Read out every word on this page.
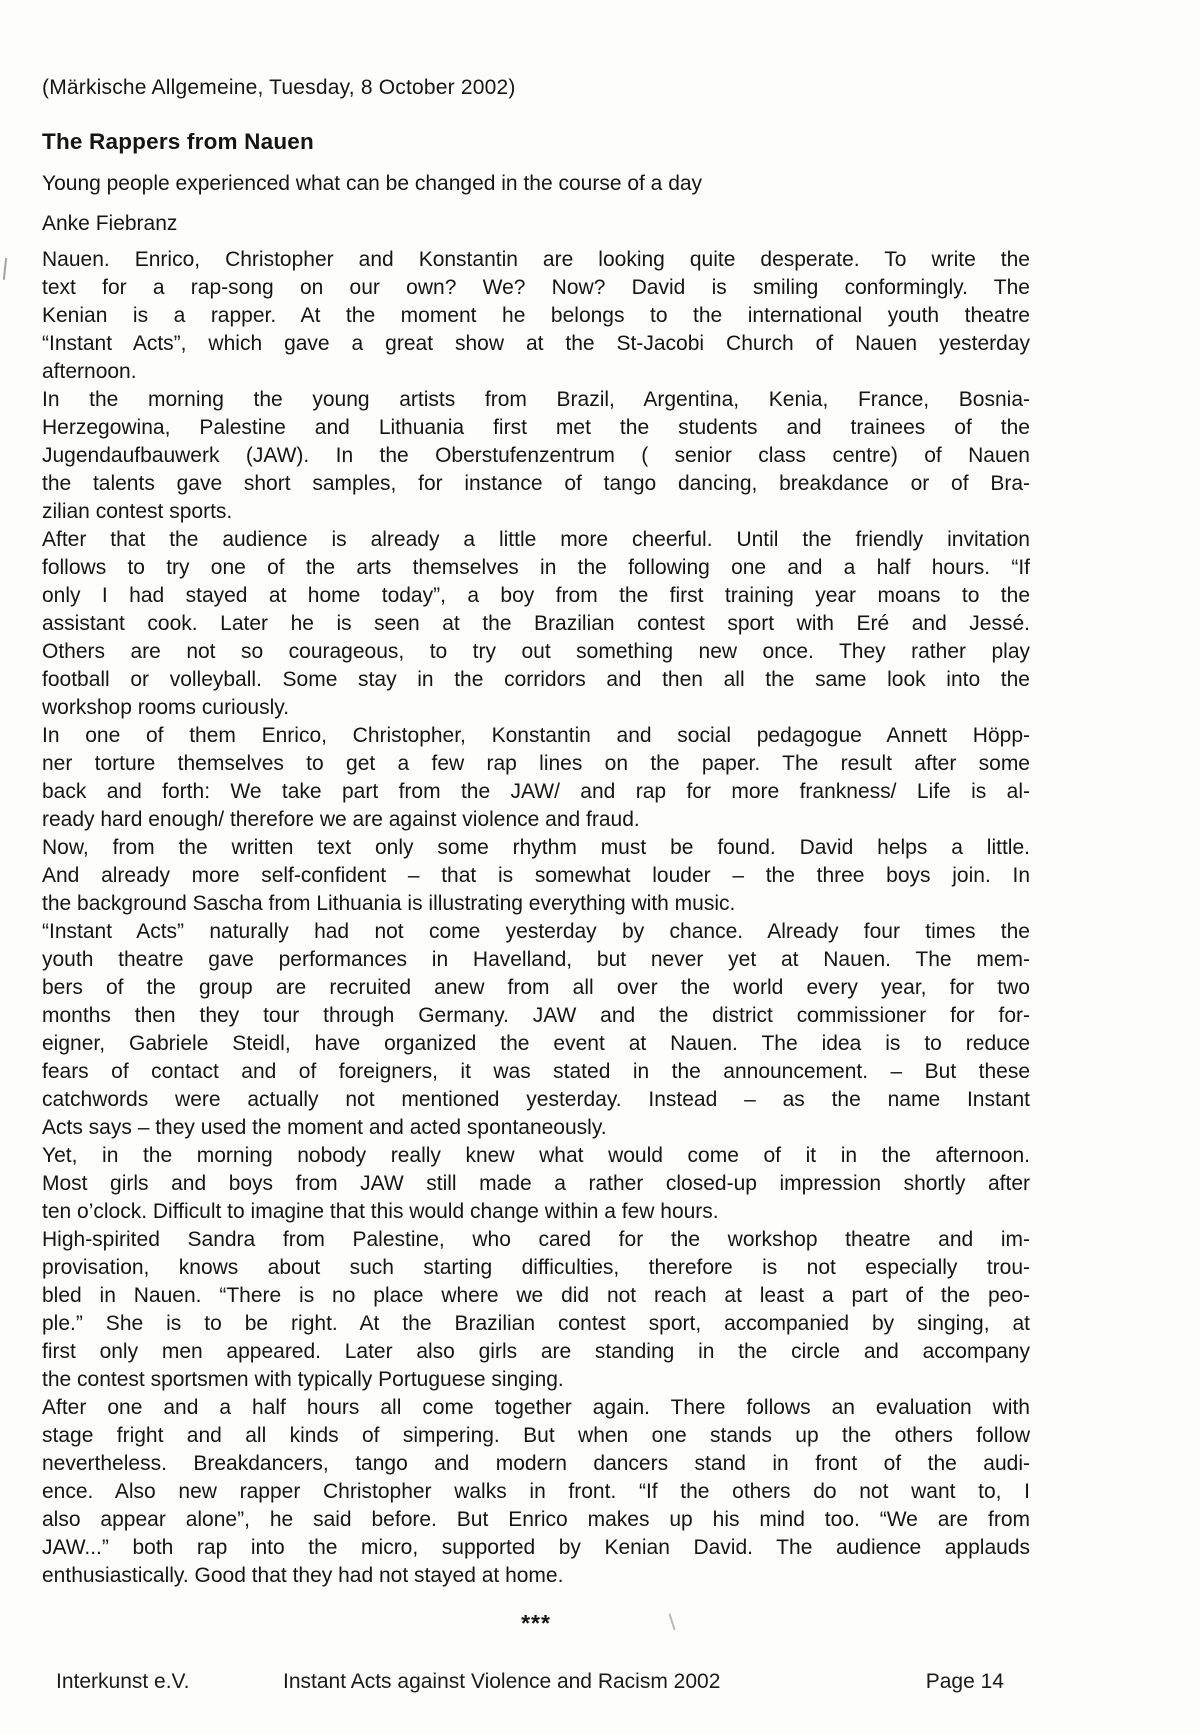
(Märkische Allgemeine, Tuesday, 8 October 2002)

The Rappers from Nauen

Young people experienced what can be changed in the course of a day

Anke Fiebranz

Nauen. Enrico, Christopher and Konstantin are looking quite desperate. To write the
text for a rap-song on our own? We? Now? David is smiling conformingly. The
Kenian is a rapper. At the moment he belongs to the international youth theatre
“Instant Acts”, which gave a great show at the St-Jacobi Church of Nauen yesterday
afternoon.
In the morning the young artists from Brazil, Argentina, Kenia, France, Bosnia-
Herzegowina, Palestine and Lithuania first met the students and trainees of the
Jugendaufbauwerk (JAW). In the Oberstufenzentrum ( senior class centre) of Nauen
the talents gave short samples, for instance of tango dancing, breakdance or of Bra-
zilian contest sports.
After that the audience is already a little more cheerful. Until the friendly invitation
follows to try one of the arts themselves in the following one and a half hours. “If
only I had stayed at home today”, a boy from the first training year moans to the
assistant cook. Later he is seen at the Brazilian contest sport with Eré and Jessé.
Others are not so courageous, to try out something new once. They rather play
football or volleyball. Some stay in the corridors and then all the same look into the
workshop rooms curiously.
In one of them Enrico, Christopher, Konstantin and social pedagogue Annett Höpp-
ner torture themselves to get a few rap lines on the paper. The result after some
back and forth: We take part from the JAW/ and rap for more frankness/ Life is al-
ready hard enough/ therefore we are against violence and fraud.
Now, from the written text only some rhythm must be found. David helps a little.
And already more self-confident – that is somewhat louder – the three boys join. In
the background Sascha from Lithuania is illustrating everything with music.
“Instant Acts” naturally had not come yesterday by chance. Already four times the
youth theatre gave performances in Havelland, but never yet at Nauen. The mem-
bers of the group are recruited anew from all over the world every year, for two
months then they tour through Germany. JAW and the district commissioner for for-
eigner, Gabriele Steidl, have organized the event at Nauen. The idea is to reduce
fears of contact and of foreigners, it was stated in the announcement. – But these
catchwords were actually not mentioned yesterday. Instead – as the name Instant
Acts says – they used the moment and acted spontaneously.
Yet, in the morning nobody really knew what would come of it in the afternoon.
Most girls and boys from JAW still made a rather closed-up impression shortly after
ten o’clock. Difficult to imagine that this would change within a few hours.
High-spirited Sandra from Palestine, who cared for the workshop theatre and im-
provisation, knows about such starting difficulties, therefore is not especially trou-
bled in Nauen. “There is no place where we did not reach at least a part of the peo-
ple.” She is to be right. At the Brazilian contest sport, accompanied by singing, at
first only men appeared. Later also girls are standing in the circle and accompany
the contest sportsmen with typically Portuguese singing.
After one and a half hours all come together again. There follows an evaluation with
stage fright and all kinds of simpering. But when one stands up the others follow
nevertheless. Breakdancers, tango and modern dancers stand in front of the audi-
ence. Also new rapper Christopher walks in front. “If the others do not want to, I
also appear alone”, he said before. But Enrico makes up his mind too. “We are from
JAW...” both rap into the micro, supported by Kenian David. The audience applauds
enthusiastically. Good that they had not stayed at home.
***
Interkunst e.V.	Instant Acts against Violence and Racism 2002	Page 14
